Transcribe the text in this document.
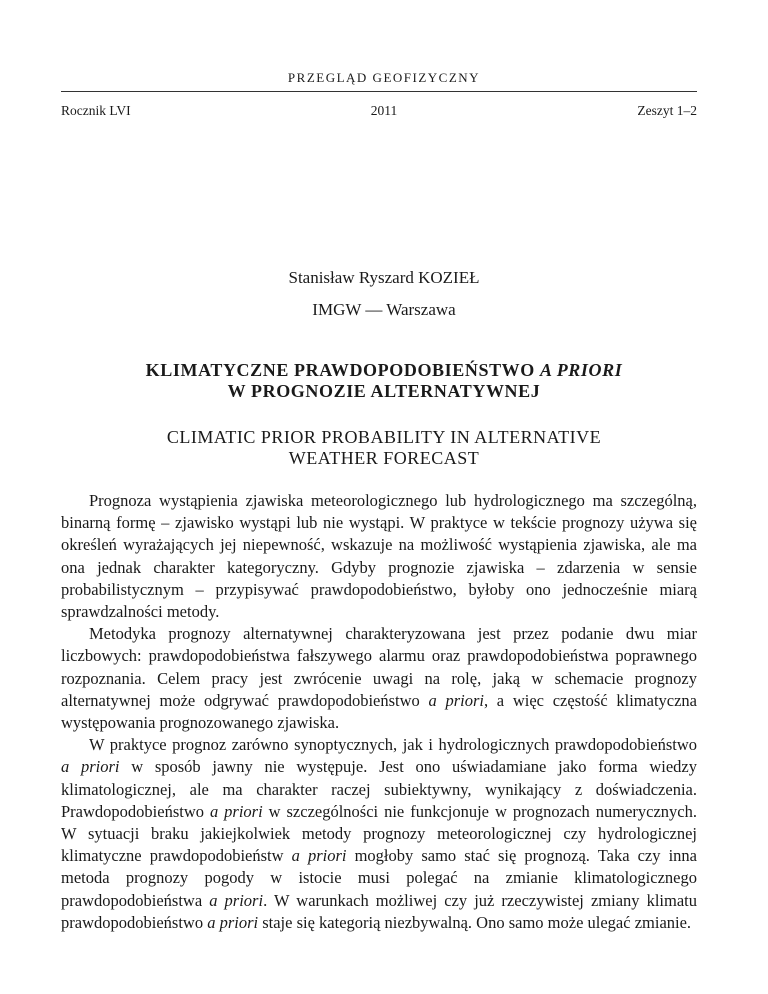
PRZEGLĄD GEOFIZYCZNY
Rocznik LVI	2011	Zeszyt 1–2
Stanisław Ryszard KOZIEŁ
IMGW — Warszawa
KLIMATYCZNE PRAWDOPODOBIEŃSTWO A PRIORI
W PROGNOZIE ALTERNATYWNEJ
CLIMATIC PRIOR PROBABILITY IN ALTERNATIVE
WEATHER FORECAST

Prognoza wystąpienia zjawiska meteorologicznego lub hydrologicznego ma szczególną, binarną formę – zjawisko wystąpi lub nie wystąpi. W praktyce w tekście prognozy używa się określeń wyrażających jej niepewność, wskazuje na możliwość wystąpienia zjawiska, ale ma ona jednak charakter kategoryczny. Gdyby prognozie zjawiska – zdarzenia w sensie probabilistycznym – przypisywać prawdopodobieństwo, byłoby ono jednocześnie miarą sprawdzalności metody.

Metodyka prognozy alternatywnej charakteryzowana jest przez podanie dwu miar liczbowych: prawdopodobieństwa fałszywego alarmu oraz prawdopodobieństwa poprawnego rozpoznania. Celem pracy jest zwrócenie uwagi na rolę, jaką w schemacie prognozy alternatywnej może odgrywać prawdopodobieństwo a priori, a więc częstość klimatyczna występowania prognozowanego zjawiska.

W praktyce prognoz zarówno synoptycznych, jak i hydrologicznych prawdopodobieństwo a priori w sposób jawny nie występuje. Jest ono uświadamiane jako forma wiedzy klimatologicznej, ale ma charakter raczej subiektywny, wynikający z doświadczenia. Prawdopodobieństwo a priori w szczególności nie funkcjonuje w prognozach numerycznych. W sytuacji braku jakiejkolwiek metody prognozy meteorologicznej czy hydrologicznej klimatyczne prawdopodobieństw a priori mogłoby samo stać się prognozą. Taka czy inna metoda prognozy pogody w istocie musi polegać na zmianie klimatologicznego prawdopodobieństwa a priori. W warunkach możliwej czy już rzeczywistej zmiany klimatu prawdopodobieństwo a priori staje się kategorią niezbywalną. Ono samo może ulegać zmianie.
